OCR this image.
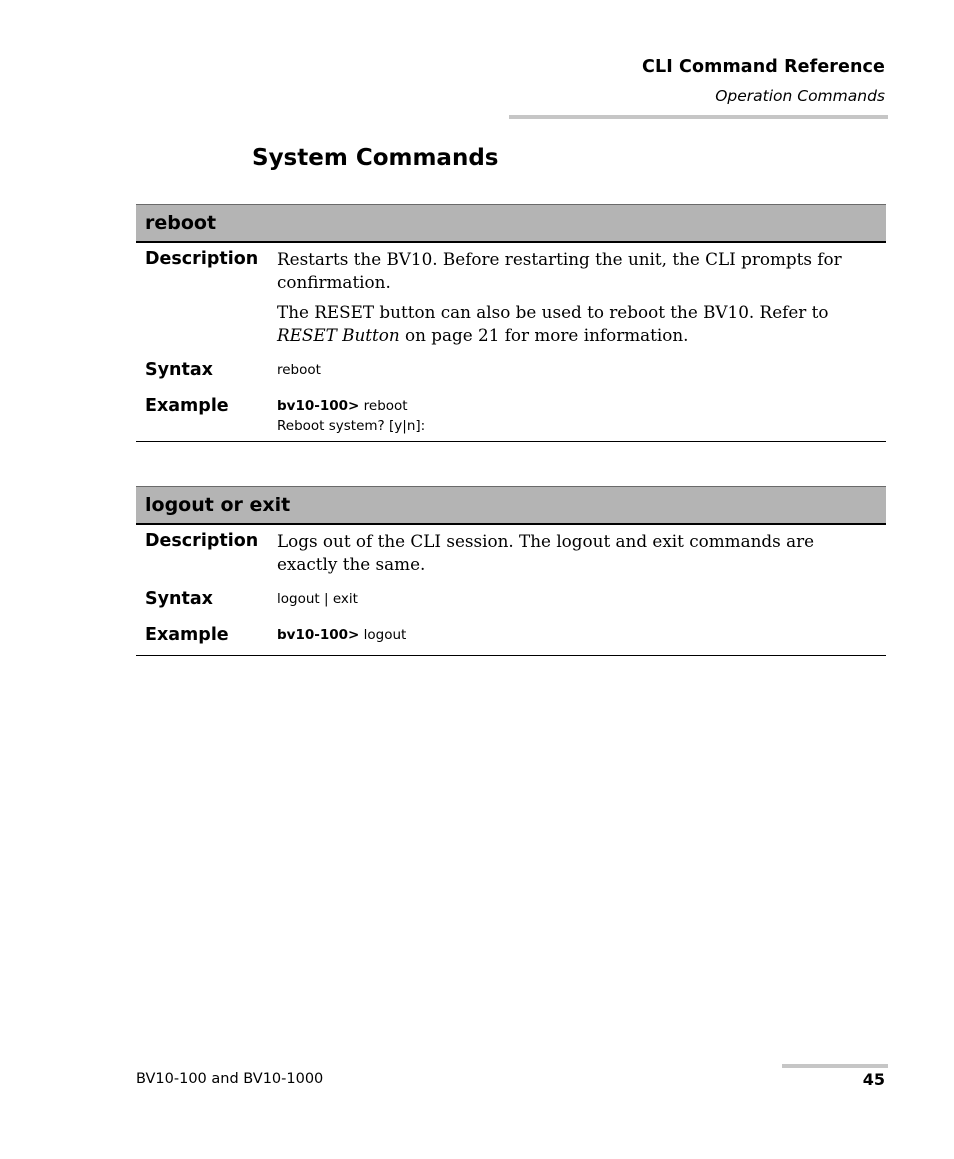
CLI Command Reference
Operation Commands
System Commands
reboot
Description Restarts the BV10. Before restarting the unit, the CLI prompts for confirmation.

The RESET button can also be used to reboot the BV10. Refer to RESET Button on page 21 for more information.

Syntax	reboot
Example	bv10-100> reboot
Reboot system? [y|n]:
logout or exit
Description Logs out of the CLI session. The logout and exit commands are exactly the same.

Syntax	logout | exit
Example	bv10-100> logout
BV10-100 and BV10-1000	45
